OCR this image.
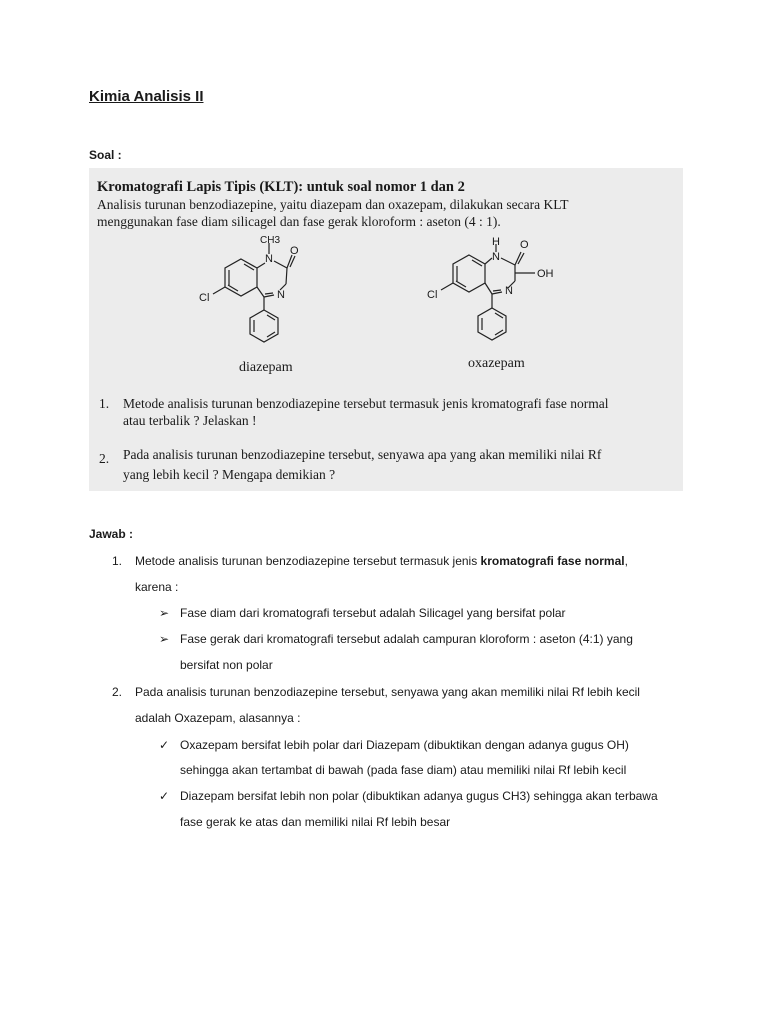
Kimia Analisis II
Soal :
Kromatografi Lapis Tipis (KLT): untuk soal nomor 1 dan 2
Analisis turunan benzodiazepine, yaitu diazepam dan oxazepam, dilakukan secara KLT
menggunakan fase diam silicagel dan fase gerak kloroform : aseton (4 : 1).
CH3
N
O
N
Cl
diazepam
H
N
O
OH
N
Cl
oxazepam
1. Metode analisis turunan benzodiazepine tersebut termasuk jenis kromatografi fase normal
atau terbalik ? Jelaskan !
2. Pada analisis turunan benzodiazepine tersebut, senyawa apa yang akan memiliki nilai Rf
yang lebih kecil ? Mengapa demikian ?
Jawab :
1. Metode analisis turunan benzodiazepine tersebut termasuk jenis kromatografi fase normal,
karena :
➢ Fase diam dari kromatografi tersebut adalah Silicagel yang bersifat polar
➢ Fase gerak dari kromatografi tersebut adalah campuran kloroform : aseton (4:1) yang
bersifat non polar
2. Pada analisis turunan benzodiazepine tersebut, senyawa yang akan memiliki nilai Rf lebih kecil
adalah Oxazepam, alasannya :
✓ Oxazepam bersifat lebih polar dari Diazepam (dibuktikan dengan adanya gugus OH)
sehingga akan tertambat di bawah (pada fase diam) atau memiliki nilai Rf lebih kecil
✓ Diazepam bersifat lebih non polar (dibuktikan adanya gugus CH3) sehingga akan terbawa
fase gerak ke atas dan memiliki nilai Rf lebih besar
